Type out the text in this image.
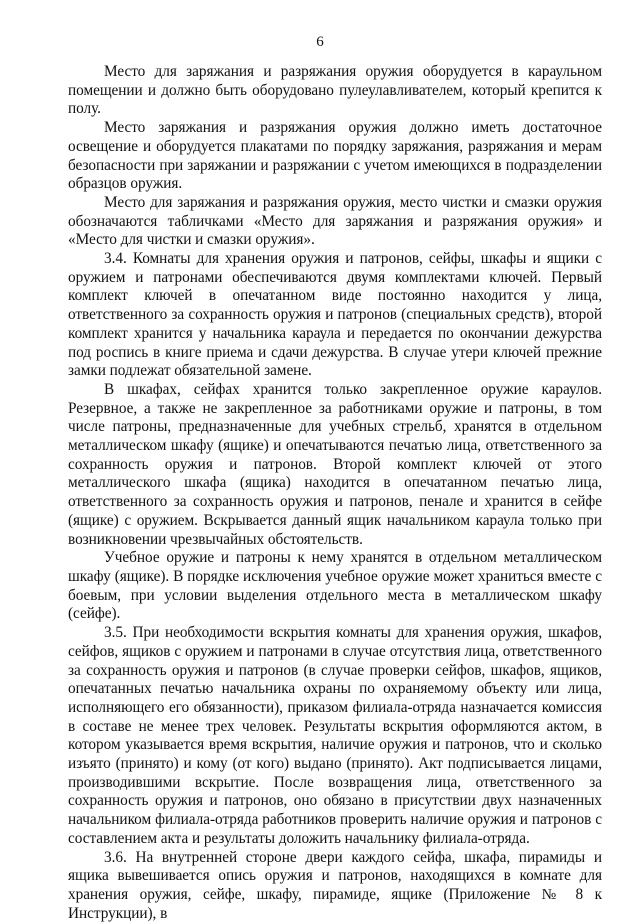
6

Место для заряжания и разряжания оружия оборудуется в караульном помещении и должно быть оборудовано пулеулавливателем, который крепится к полу.

Место заряжания и разряжания оружия должно иметь достаточное освещение и оборудуется плакатами по порядку заряжания, разряжания и мерам безопасности при заряжании и разряжании с учетом имеющихся в подразделении образцов оружия.

Место для заряжания и разряжания оружия, место чистки и смазки оружия обозначаются табличками «Место для заряжания и разряжания оружия» и «Место для чистки и смазки оружия».

3.4. Комнаты для хранения оружия и патронов, сейфы, шкафы и ящики с оружием и патронами обеспечиваются двумя комплектами ключей. Первый комплект ключей в опечатанном виде постоянно находится у лица, ответственного за сохранность оружия и патронов (специальных средств), второй комплект хранится у начальника караула и передается по окончании дежурства под роспись в книге приема и сдачи дежурства. В случае утери ключей прежние замки подлежат обязательной замене.

В шкафах, сейфах хранится только закрепленное оружие караулов. Резервное, а также не закрепленное за работниками оружие и патроны, в том числе патроны, предназначенные для учебных стрельб, хранятся в отдельном металлическом шкафу (ящике) и опечатываются печатью лица, ответственного за сохранность оружия и патронов. Второй комплект ключей от этого металлического шкафа (ящика) находится в опечатанном печатью лица, ответственного за сохранность оружия и патронов, пенале и хранится в сейфе (ящике) с оружием. Вскрывается данный ящик начальником караула только при возникновении чрезвычайных обстоятельств.

Учебное оружие и патроны к нему хранятся в отдельном металлическом шкафу (ящике). В порядке исключения учебное оружие может храниться вместе с боевым, при условии выделения отдельного места в металлическом шкафу (сейфе).

3.5. При необходимости вскрытия комнаты для хранения оружия, шкафов, сейфов, ящиков с оружием и патронами в случае отсутствия лица, ответственного за сохранность оружия и патронов (в случае проверки сейфов, шкафов, ящиков, опечатанных печатью начальника охраны по охраняемому объекту или лица, исполняющего его обязанности), приказом филиала-отряда назначается комиссия в составе не менее трех человек. Результаты вскрытия оформляются актом, в котором указывается время вскрытия, наличие оружия и патронов, что и сколько изъято (принято) и кому (от кого) выдано (принято). Акт подписывается лицами, производившими вскрытие. После возвращения лица, ответственного за сохранность оружия и патронов, оно обязано в присутствии двух назначенных начальником филиала-отряда работников проверить наличие оружия и патронов с составлением акта и результаты доложить начальнику филиала-отряда.

3.6. На внутренней стороне двери каждого сейфа, шкафа, пирамиды и ящика вывешивается опись оружия и патронов, находящихся в комнате для хранения оружия, сейфе, шкафу, пирамиде, ящике (Приложение № 8 к Инструкции), в
